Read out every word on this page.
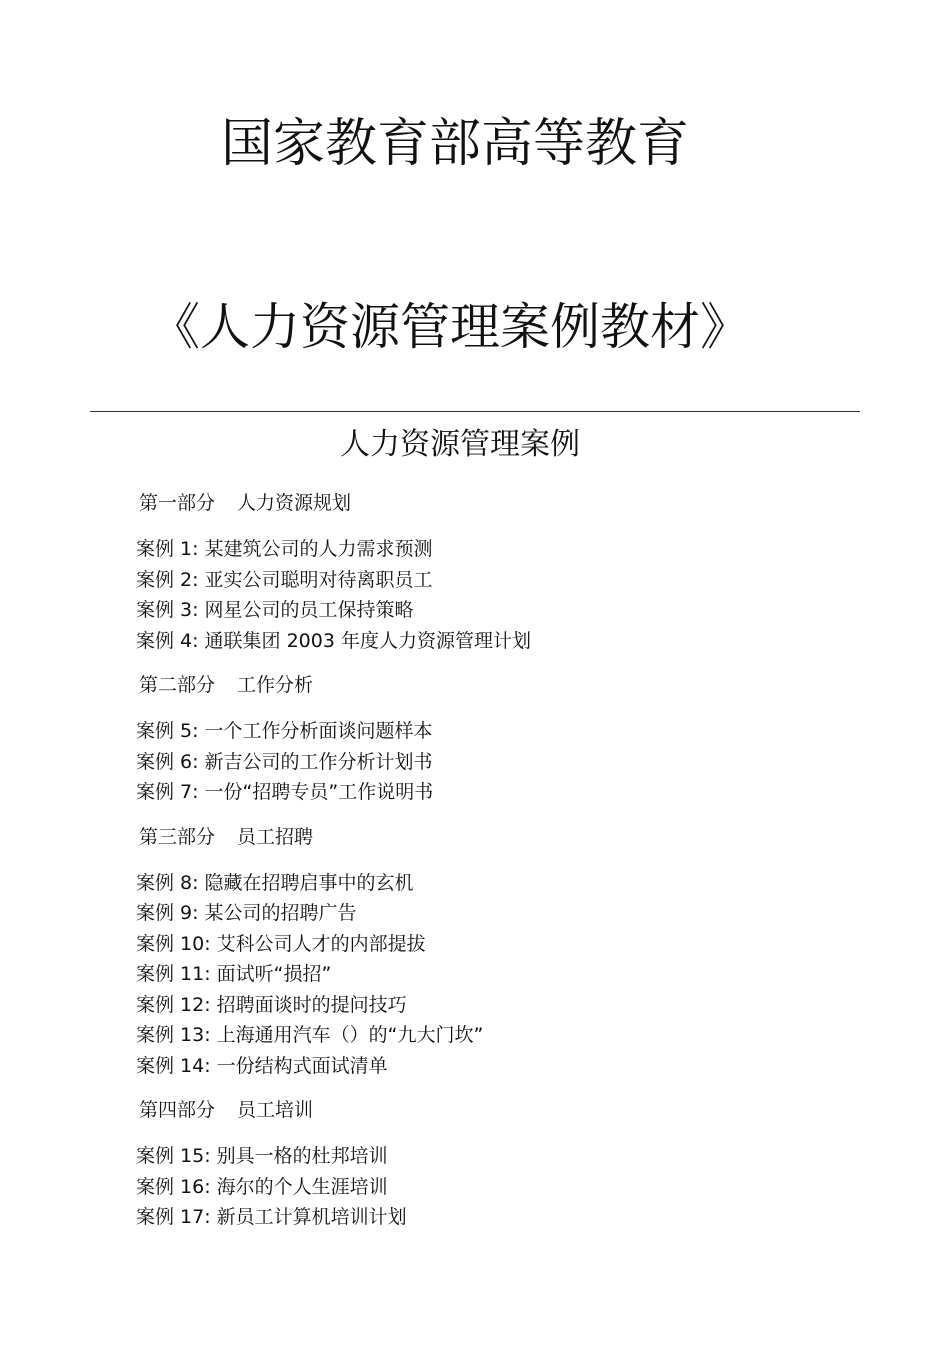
国家教育部高等教育
《人力资源管理案例教材》
人力资源管理案例
第一部分 人力资源规划
案例 1: 某建筑公司的人力需求预测
案例 2: 亚实公司聪明对待离职员工
案例 3: 网星公司的员工保持策略
案例 4: 通联集团 2003 年度人力资源管理计划
第二部分 工作分析
案例 5: 一个工作分析面谈问题样本
案例 6: 新吉公司的工作分析计划书
案例 7: 一份“招聘专员”工作说明书
第三部分 员工招聘
案例 8: 隐藏在招聘启事中的玄机
案例 9: 某公司的招聘广告
案例 10: 艾科公司人才的内部提拔
案例 11: 面试听“损招”
案例 12: 招聘面谈时的提问技巧
案例 13: 上海通用汽车（）的“九大门坎”
案例 14: 一份结构式面试清单
第四部分 员工培训
案例 15: 别具一格的杜邦培训
案例 16: 海尔的个人生涯培训
案例 17: 新员工计算机培训计划
